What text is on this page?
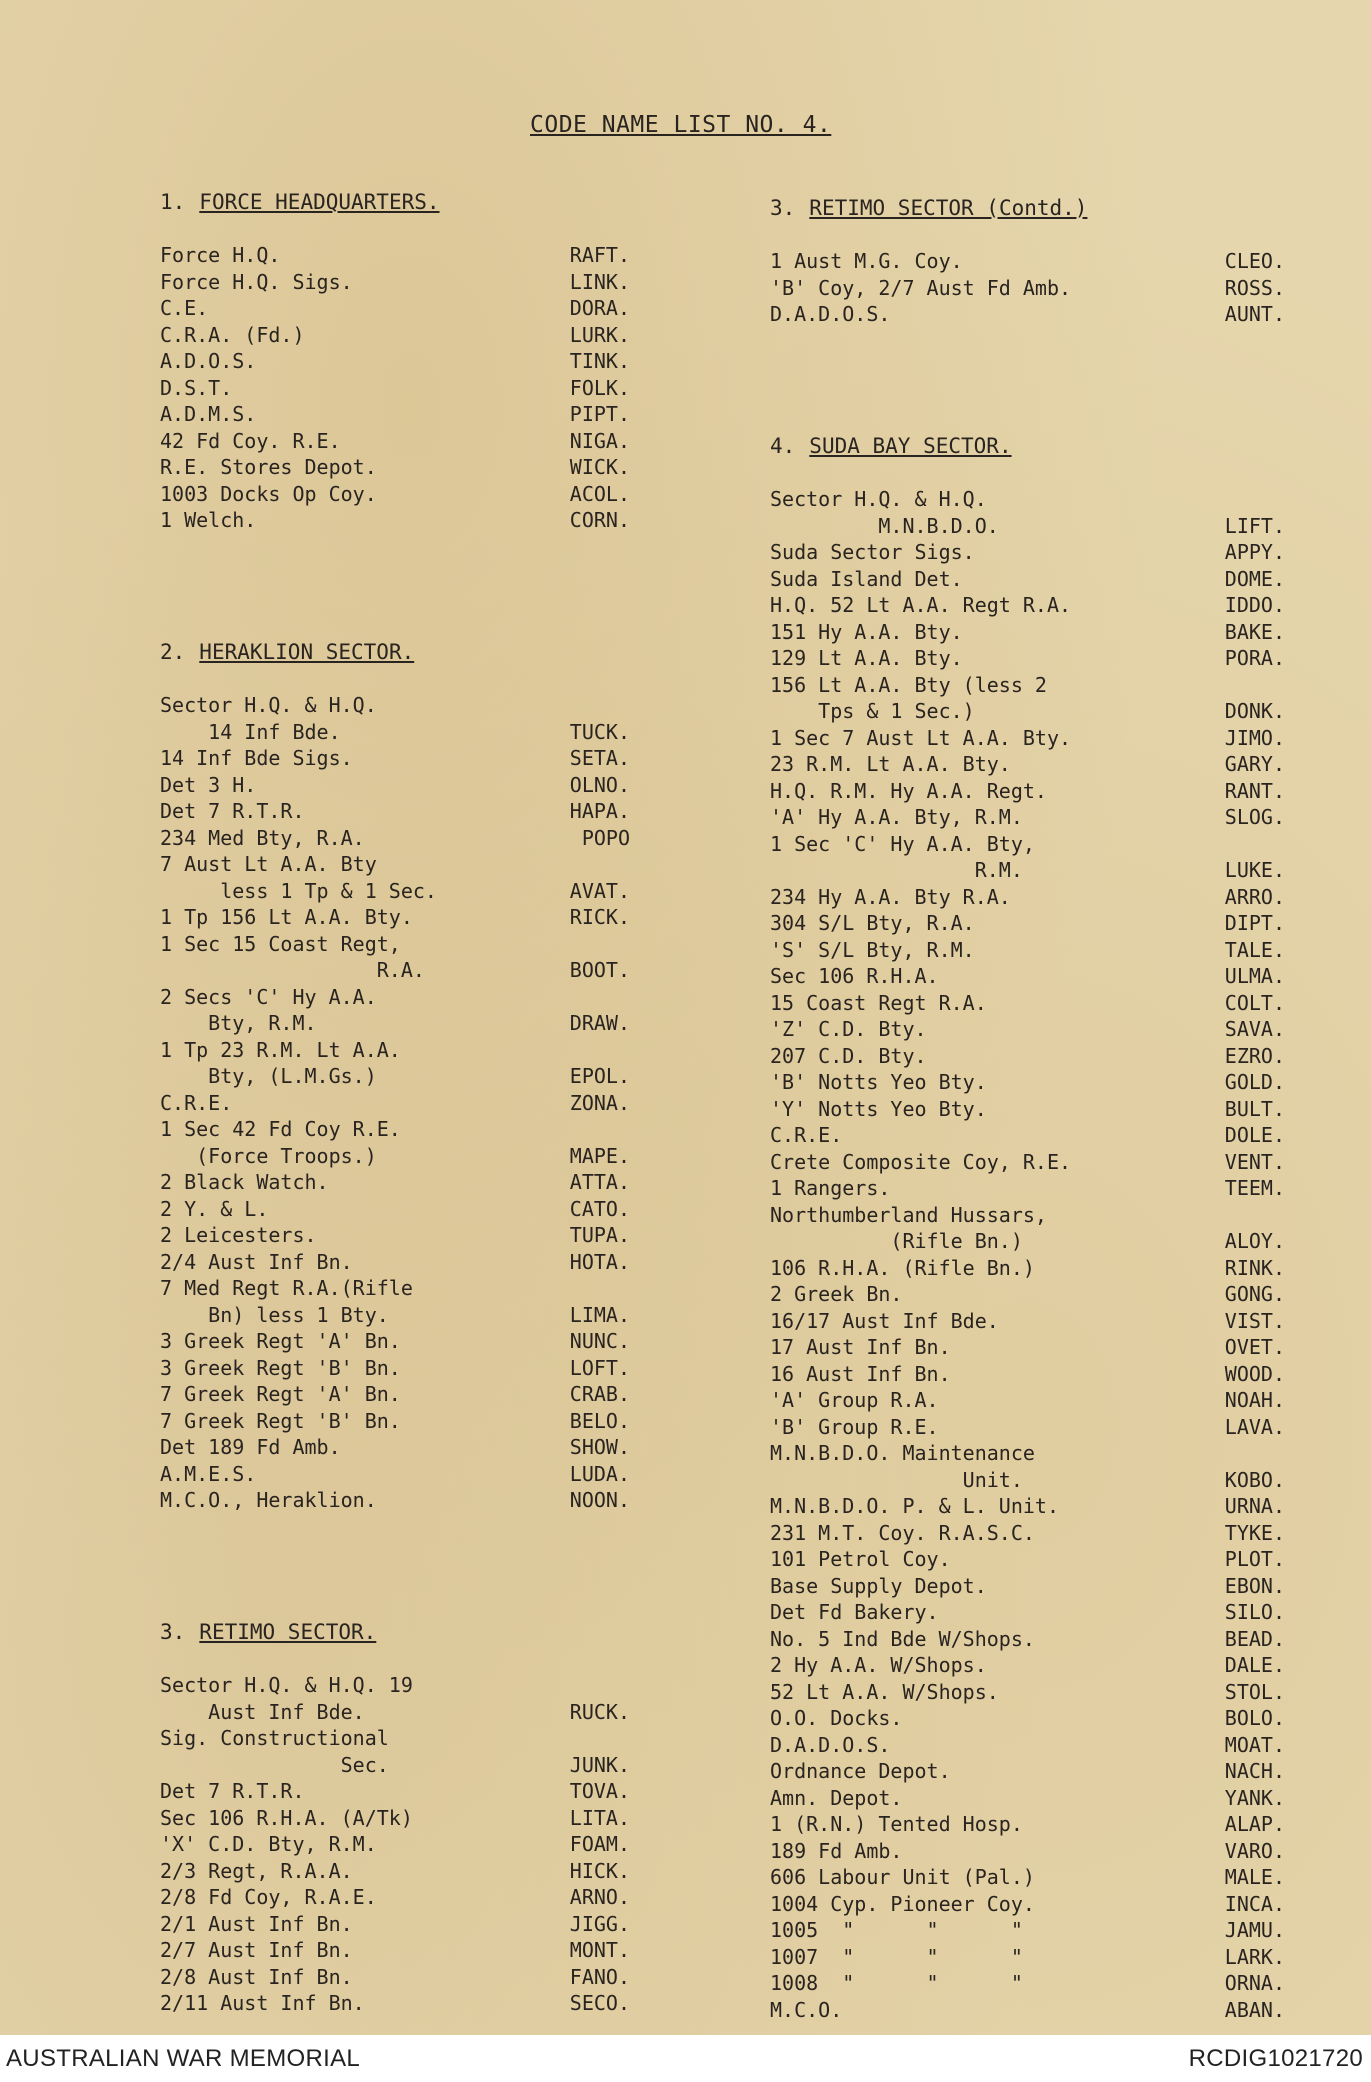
CODE NAME LIST NO. 4.
1. FORCE HEADQUARTERS.
Force H.Q.	RAFT.
Force H.Q. Sigs.	LINK.
C.E.	DORA.
C.R.A. (Fd.)	LURK.
A.D.O.S.	TINK.
D.S.T.	FOLK.
A.D.M.S.	PIPT.
42 Fd Coy. R.E.	NIGA.
R.E. Stores Depot.	WICK.
1003 Docks Op Coy.	ACOL.
1 Welch.	CORN.
2. HERAKLION SECTOR.
Sector H.Q. & H.Q.
14 Inf Bde.	TUCK.
14 Inf Bde Sigs.	SETA.
Det 3 H.	OLNO.
Det 7 R.T.R.	HAPA.
234 Med Bty, R.A.	POPO
7 Aust Lt A.A. Bty
less 1 Tp & 1 Sec.	AVAT.
1 Tp 156 Lt A.A. Bty.	RICK.
1 Sec 15 Coast Regt,
R.A.	BOOT.
2 Secs 'C' Hy A.A.
Bty, R.M.	DRAW.
1 Tp 23 R.M. Lt A.A.
Bty, (L.M.Gs.)	EPOL.
C.R.E.	ZONA.
1 Sec 42 Fd Coy R.E.
(Force Troops.)	MAPE.
2 Black Watch.	ATTA.
2 Y. & L.	CATO.
2 Leicesters.	TUPA.
2/4 Aust Inf Bn.	HOTA.
7 Med Regt R.A.(Rifle
Bn) less 1 Bty.	LIMA.
3 Greek Regt 'A' Bn.	NUNC.
3 Greek Regt 'B' Bn.	LOFT.
7 Greek Regt 'A' Bn.	CRAB.
7 Greek Regt 'B' Bn.	BELO.
Det 189 Fd Amb.	SHOW.
A.M.E.S.	LUDA.
M.C.O., Heraklion.	NOON.
3. RETIMO SECTOR.
Sector H.Q. & H.Q. 19
Aust Inf Bde.	RUCK.
Sig. Constructional
Sec.	JUNK.
Det 7 R.T.R.	TOVA.
Sec 106 R.H.A. (A/Tk)	LITA.
'X' C.D. Bty, R.M.	FOAM.
2/3 Regt, R.A.A.	HICK.
2/8 Fd Coy, R.A.E.	ARNO.
2/1 Aust Inf Bn.	JIGG.
2/7 Aust Inf Bn.	MONT.
2/8 Aust Inf Bn.	FANO.
2/11 Aust Inf Bn.	SECO.
3. RETIMO SECTOR (Contd.)
1 Aust M.G. Coy.	CLEO.
'B' Coy, 2/7 Aust Fd Amb.	ROSS.
D.A.D.O.S.	AUNT.
4. SUDA BAY SECTOR.
Sector H.Q. & H.Q.
M.N.B.D.O.	LIFT.
Suda Sector Sigs.	APPY.
Suda Island Det.	DOME.
H.Q. 52 Lt A.A. Regt R.A.	IDDO.
151 Hy A.A. Bty.	BAKE.
129 Lt A.A. Bty.	PORA.
156 Lt A.A. Bty (less 2
Tps & 1 Sec.)	DONK.
1 Sec 7 Aust Lt A.A. Bty.	JIMO.
23 R.M. Lt A.A. Bty.	GARY.
H.Q. R.M. Hy A.A. Regt.	RANT.
'A' Hy A.A. Bty, R.M.	SLOG.
1 Sec 'C' Hy A.A. Bty,
R.M.	LUKE.
234 Hy A.A. Bty R.A.	ARRO.
304 S/L Bty, R.A.	DIPT.
'S' S/L Bty, R.M.	TALE.
Sec 106 R.H.A.	ULMA.
15 Coast Regt R.A.	COLT.
'Z' C.D. Bty.	SAVA.
207 C.D. Bty.	EZRO.
'B' Notts Yeo Bty.	GOLD.
'Y' Notts Yeo Bty.	BULT.
C.R.E.	DOLE.
Crete Composite Coy, R.E.	VENT.
1 Rangers.	TEEM.
Northumberland Hussars,
(Rifle Bn.)	ALOY.
106 R.H.A. (Rifle Bn.)	RINK.
2 Greek Bn.	GONG.
16/17 Aust Inf Bde.	VIST.
17 Aust Inf Bn.	OVET.
16 Aust Inf Bn.	WOOD.
'A' Group R.A.	NOAH.
'B' Group R.E.	LAVA.
M.N.B.D.O. Maintenance
Unit.	KOBO.
M.N.B.D.O. P. & L. Unit.	URNA.
231 M.T. Coy. R.A.S.C.	TYKE.
101 Petrol Coy.	PLOT.
Base Supply Depot.	EBON.
Det Fd Bakery.	SILO.
No. 5 Ind Bde W/Shops.	BEAD.
2 Hy A.A. W/Shops.	DALE.
52 Lt A.A. W/Shops.	STOL.
O.O. Docks.	BOLO.
D.A.D.O.S.	MOAT.
Ordnance Depot.	NACH.
Amn. Depot.	YANK.
1 (R.N.) Tented Hosp.	ALAP.
189 Fd Amb.	VARO.
606 Labour Unit (Pal.)	MALE.
1004 Cyp. Pioneer Coy.	INCA.
1005  "      "      "	JAMU.
1007  "      "      "	LARK.
1008  "      "      "	ORNA.
M.C.O.	ABAN.
AUSTRALIAN WAR MEMORIAL	RCDIG1021720
